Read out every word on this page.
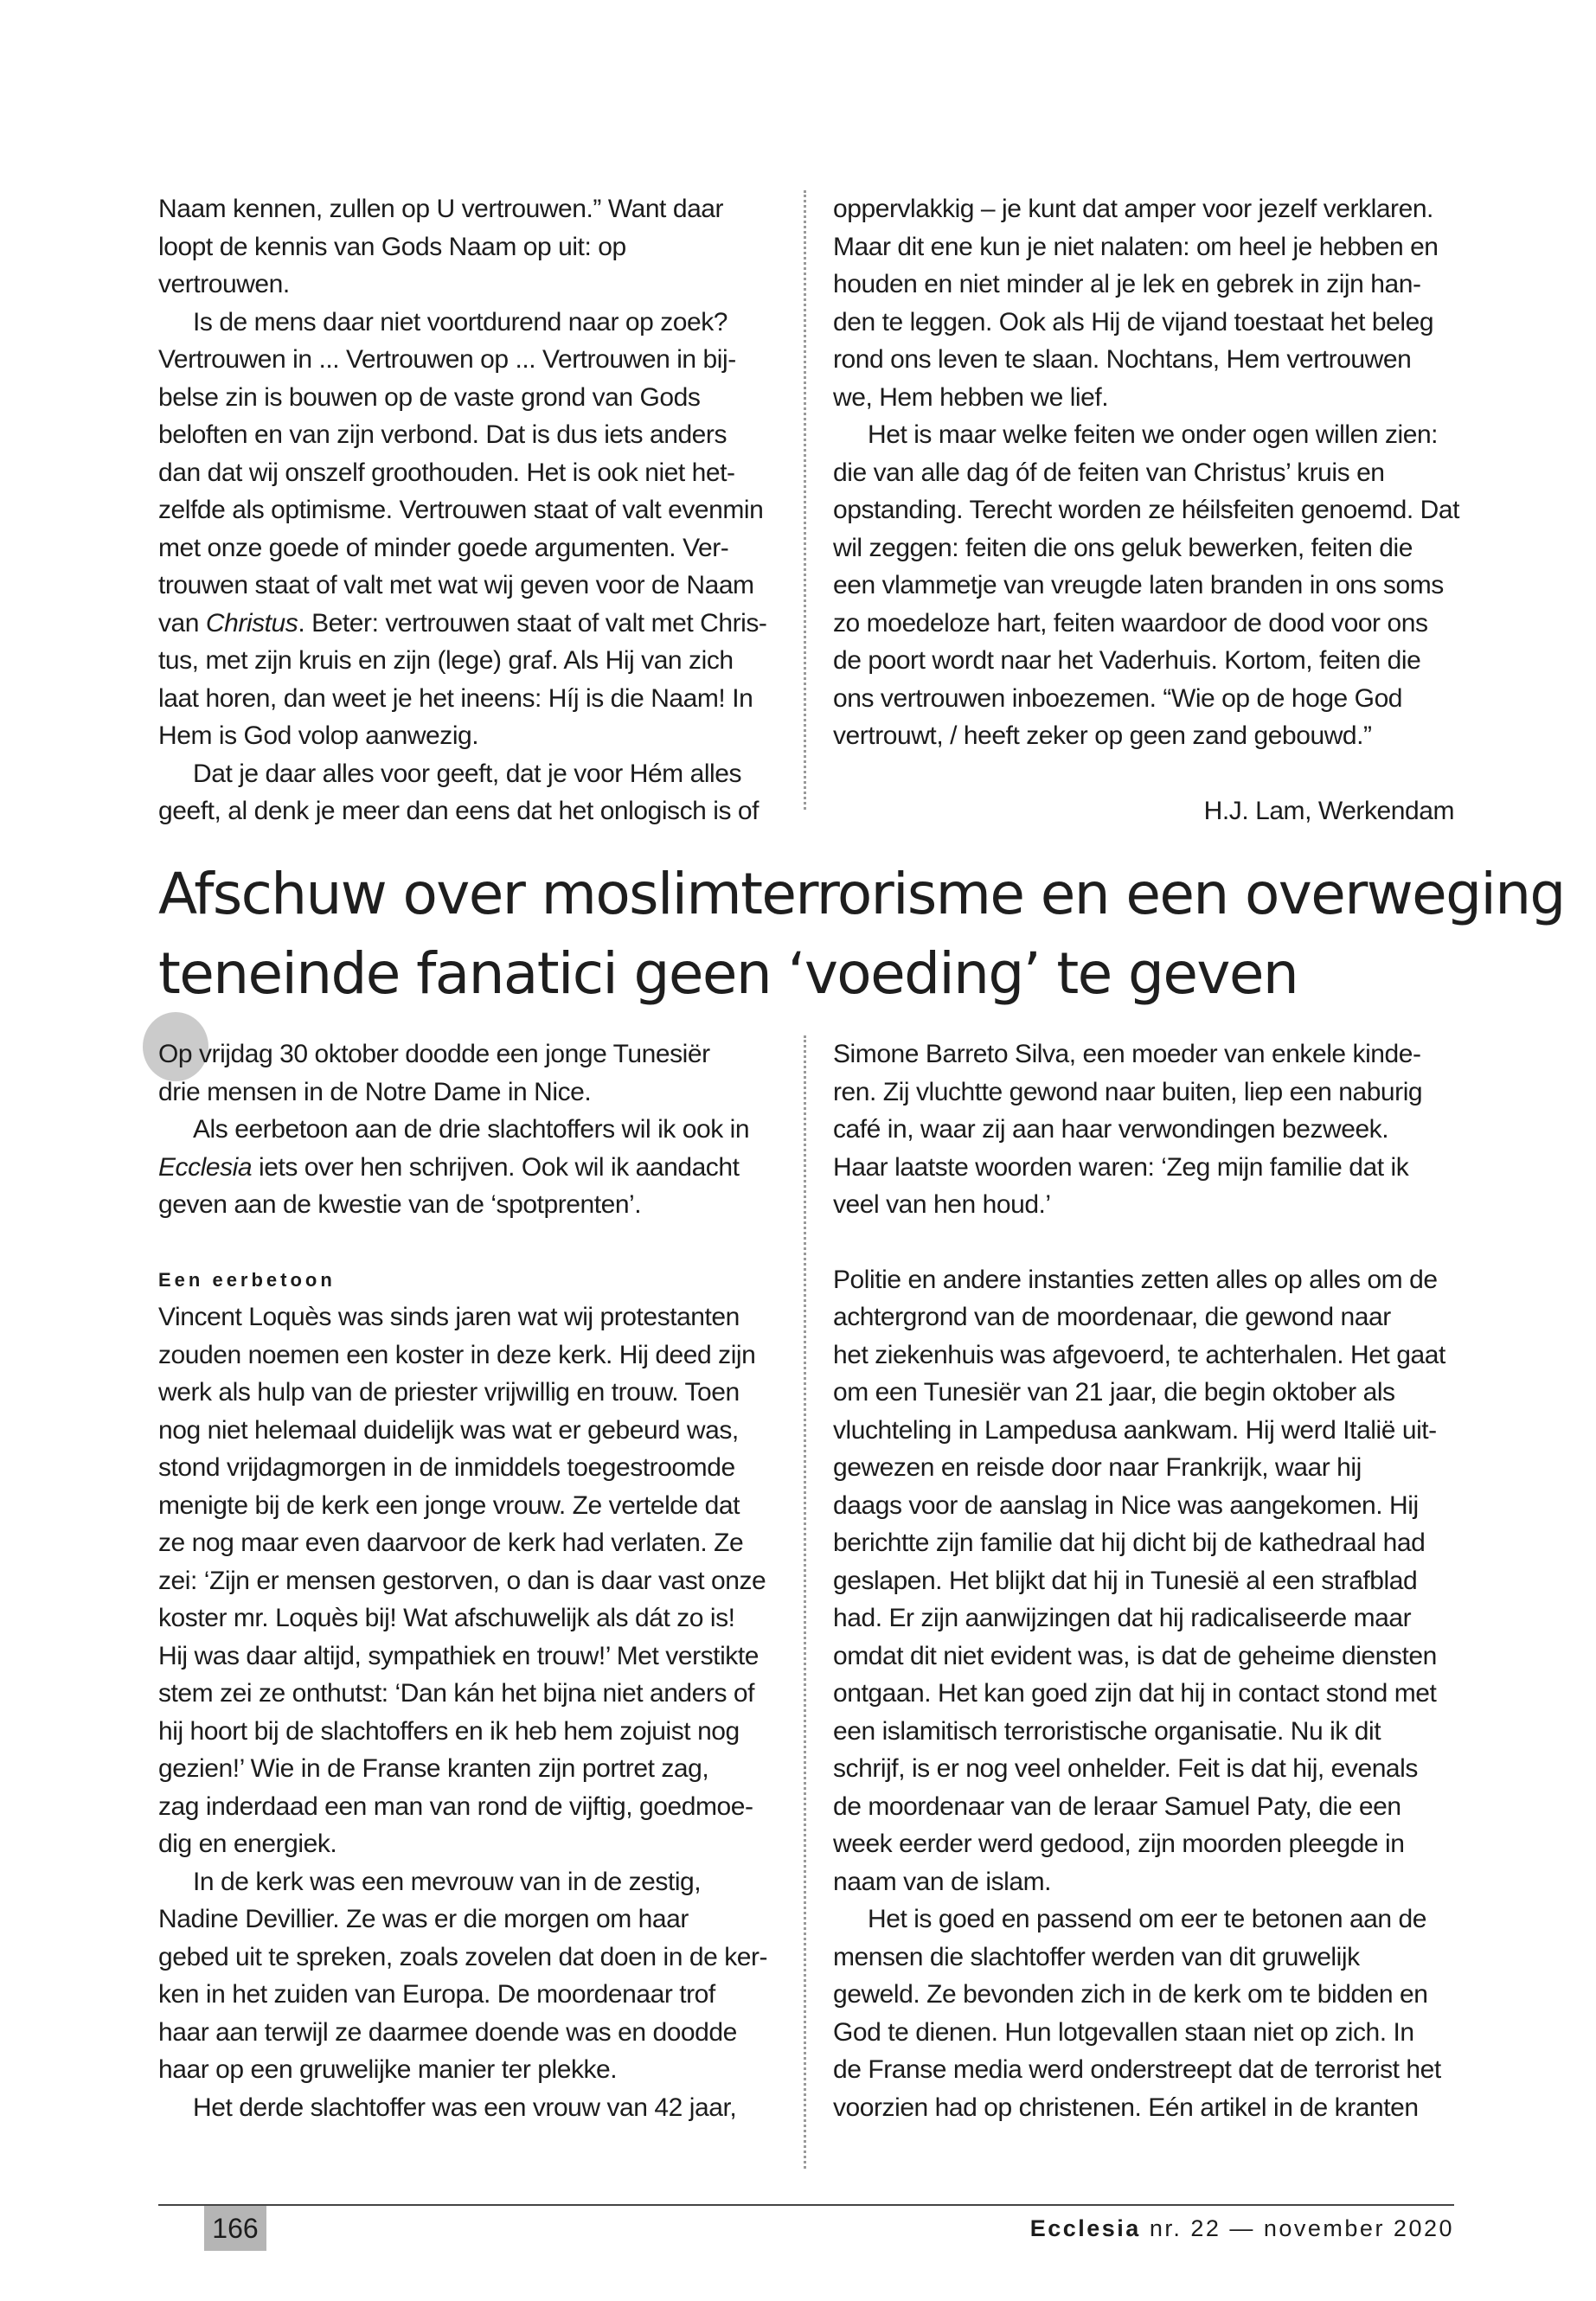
Naam kennen, zullen op U vertrouwen.” Want daar
loopt de kennis van Gods Naam op uit: op
vertrouwen.
Is de mens daar niet voortdurend naar op zoek?
Vertrouwen in ... Vertrouwen op ... Vertrouwen in bij-
belse zin is bouwen op de vaste grond van Gods
beloften en van zijn verbond. Dat is dus iets anders
dan dat wij onszelf groothouden. Het is ook niet het-
zelfde als optimisme. Vertrouwen staat of valt evenmin
met onze goede of minder goede argumenten. Ver-
trouwen staat of valt met wat wij geven voor de Naam
van Christus. Beter: vertrouwen staat of valt met Chris-
tus, met zijn kruis en zijn (lege) graf. Als Hij van zich
laat horen, dan weet je het ineens: Híj is die Naam! In
Hem is God volop aanwezig.
Dat je daar alles voor geeft, dat je voor Hém alles
geeft, al denk je meer dan eens dat het onlogisch is of
oppervlakkig – je kunt dat amper voor jezelf verklaren.
Maar dit ene kun je niet nalaten: om heel je hebben en
houden en niet minder al je lek en gebrek in zijn han-
den te leggen. Ook als Hij de vijand toestaat het beleg
rond ons leven te slaan. Nochtans, Hem vertrouwen
we, Hem hebben we lief.
Het is maar welke feiten we onder ogen willen zien:
die van alle dag óf de feiten van Christus’ kruis en
opstanding. Terecht worden ze héilsfeiten genoemd. Dat
wil zeggen: feiten die ons geluk bewerken, feiten die
een vlammetje van vreugde laten branden in ons soms
zo moedeloze hart, feiten waardoor de dood voor ons
de poort wordt naar het Vaderhuis. Kortom, feiten die
ons vertrouwen inboezemen. “Wie op de hoge God
vertrouwt, / heeft zeker op geen zand gebouwd.”
H.J. Lam, Werkendam
Afschuw over moslimterrorisme en een overweging
teneinde fanatici geen ‘voeding’ te geven
Op vrijdag 30 oktober doodde een jonge Tunesiër
drie mensen in de Notre Dame in Nice.
Als eerbetoon aan de drie slachtoffers wil ik ook in
Ecclesia iets over hen schrijven. Ook wil ik aandacht
geven aan de kwestie van de ‘spotprenten’.
Een eerbetoon
Vincent Loquès was sinds jaren wat wij protestanten
zouden noemen een koster in deze kerk. Hij deed zijn
werk als hulp van de priester vrijwillig en trouw. Toen
nog niet helemaal duidelijk was wat er gebeurd was,
stond vrijdagmorgen in de inmiddels toegestroomde
menigte bij de kerk een jonge vrouw. Ze vertelde dat
ze nog maar even daarvoor de kerk had verlaten. Ze
zei: ‘Zijn er mensen gestorven, o dan is daar vast onze
koster mr. Loquès bij! Wat afschuwelijk als dát zo is!
Hij was daar altijd, sympathiek en trouw!’ Met verstikte
stem zei ze onthutst: ‘Dan kán het bijna niet anders of
hij hoort bij de slachtoffers en ik heb hem zojuist nog
gezien!’ Wie in de Franse kranten zijn portret zag,
zag inderdaad een man van rond de vijftig, goedmoe-
dig en energiek.
In de kerk was een mevrouw van in de zestig,
Nadine Devillier. Ze was er die morgen om haar
gebed uit te spreken, zoals zovelen dat doen in de ker-
ken in het zuiden van Europa. De moordenaar trof
haar aan terwijl ze daarmee doende was en doodde
haar op een gruwelijke manier ter plekke.
Het derde slachtoffer was een vrouw van 42 jaar,
Simone Barreto Silva, een moeder van enkele kinde-
ren. Zij vluchtte gewond naar buiten, liep een naburig
café in, waar zij aan haar verwondingen bezweek.
Haar laatste woorden waren: ‘Zeg mijn familie dat ik
veel van hen houd.’
Politie en andere instanties zetten alles op alles om de
achtergrond van de moordenaar, die gewond naar
het ziekenhuis was afgevoerd, te achterhalen. Het gaat
om een Tunesiër van 21 jaar, die begin oktober als
vluchteling in Lampedusa aankwam. Hij werd Italië uit-
gewezen en reisde door naar Frankrijk, waar hij
daags voor de aanslag in Nice was aangekomen. Hij
berichtte zijn familie dat hij dicht bij de kathedraal had
geslapen. Het blijkt dat hij in Tunesië al een strafblad
had. Er zijn aanwijzingen dat hij radicaliseerde maar
omdat dit niet evident was, is dat de geheime diensten
ontgaan. Het kan goed zijn dat hij in contact stond met
een islamitisch terroristische organisatie. Nu ik dit
schrijf, is er nog veel onhelder. Feit is dat hij, evenals
de moordenaar van de leraar Samuel Paty, die een
week eerder werd gedood, zijn moorden pleegde in
naam van de islam.
Het is goed en passend om eer te betonen aan de
mensen die slachtoffer werden van dit gruwelijk
geweld. Ze bevonden zich in de kerk om te bidden en
God te dienen. Hun lotgevallen staan niet op zich. In
de Franse media werd onderstreept dat de terrorist het
voorzien had op christenen. Eén artikel in de kranten
166	Ecclesia nr. 22 — november 2020
